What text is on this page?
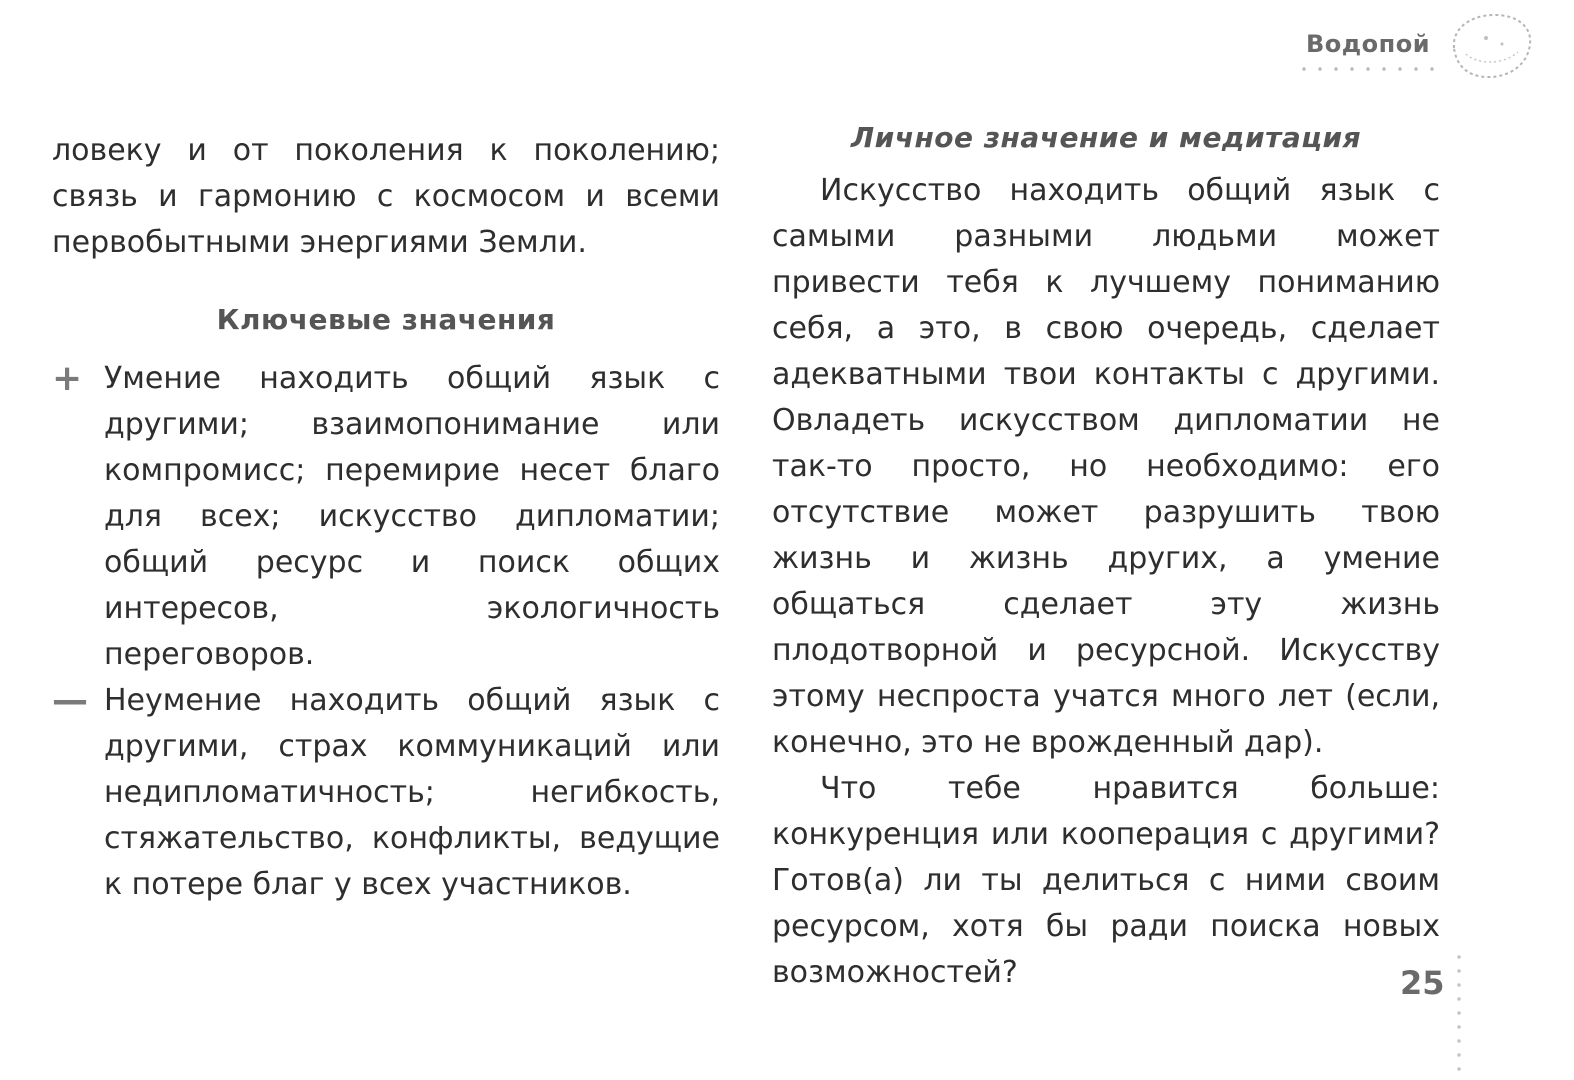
Водопой

ловеку и от поколения к поколению; связь и гармонию с космосом и всеми первобытными энергиями Земли.

Ключевые значения
+ Умение находить общий язык с другими; взаимопонимание или компромисс; перемирие несет благо для всех; искусство дипломатии; общий ресурс и поиск общих интересов, экологичность переговоров.

— Неумение находить общий язык с другими, страх коммуникаций или недипломатичность; негибкость, стяжательство, конфликты, ведущие к потере благ у всех участников.

Личное значение и медитация

Искусство находить общий язык с самыми разными людьми может привести тебя к лучшему пониманию себя, а это, в свою очередь, сделает адекватными твои контакты с другими. Овладеть искусством дипломатии не так-то просто, но необходимо: его отсутствие может разрушить твою жизнь и жизнь других, а умение общаться сделает эту жизнь плодотворной и ресурсной. Искусству этому неспроста учатся много лет (если, конечно, это не врожденный дар).

Что тебе нравится больше: конкуренция или кооперация с другими? Готов(а) ли ты делиться с ними своим ресурсом, хотя бы ради поиска новых возможностей?	25
